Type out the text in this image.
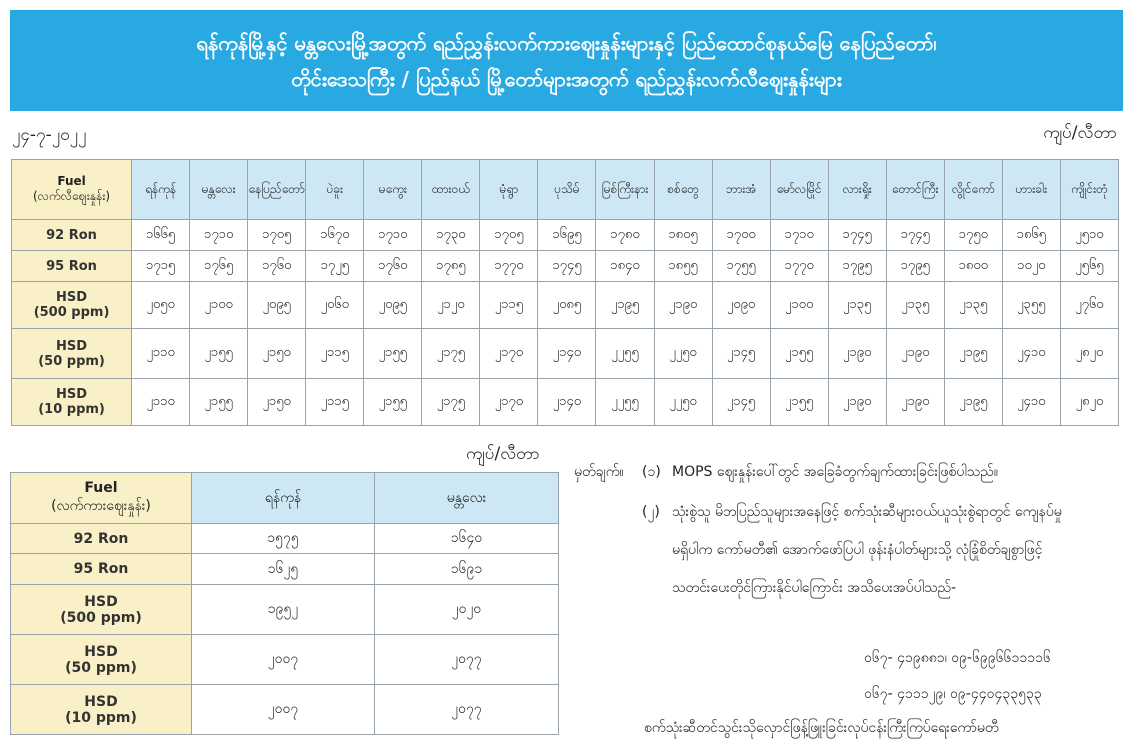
ရန်ကုန်မြို့နှင့် မန္တလေးမြို့အတွက် ရည်ညွှန်းလက်ကားဈေးနှုန်းများနှင့် ပြည်ထောင်စုနယ်မြေ နေပြည်တော်၊
တိုင်းဒေသကြီး / ပြည်နယ် မြို့တော်များအတွက် ရည်ညွှန်းလက်လီဈေးနှုန်းများ
၂၄-၇-၂၀၂၂	ကျပ်/လီတာ
Fuel
(လက်လီဈေးနှုန်း)	ရန်ကုန်	မန္တလေး	နေပြည်တော်	ပဲခူး	မကွေး	ထားဝယ်	မုံရွာ	ပုသိမ်	မြစ်ကြီးနား	စစ်တွေ	ဘားအံ	မော်လမြိုင်	လားရှိုး	တောင်ကြီး	လွိုင်ကော်	ဟားခါး	ကျိုင်းတုံ

92 Ron	၁၆၆၅	၁၇၁၀	၁၇၀၅	၁၆၇၀	၁၇၁၀	၁၇၃၀	၁၇၀၅	၁၆၉၅	၁၇၈၀	၁၈၀၅	၁၇၀၀	၁၇၁၀	၁၇၄၅	၁၇၄၅	၁၇၅၀	၁၈၆၅	၂၅၁၀

95 Ron	၁၇၁၅	၁၇၆၅	၁၇၆၀	၁၇၂၅	၁၇၆၀	၁၇၈၅	၁၇၇၀	၁၇၄၅	၁၈၄၀	၁၈၅၅	၁၇၅၅	၁၇၇၀	၁၇၉၅	၁၇၉၅	၁၈၀၀	၁၀၂၀	၂၅၆၅

HSD
(500 ppm)	၂၀၅၀	၂၁၀၀	၂၀၉၅	၂၀၆၀	၂၀၉၅	၂၁၂၀	၂၁၁၅	၂၀၈၅	၂၁၉၅	၂၁၉၀	၂၀၉၀	၂၁၀၀	၂၁၃၅	၂၁၃၅	၂၁၃၅	၂၃၅၅	၂၇၆၀

HSD
(50 ppm)	၂၁၁၀	၂၁၅၅	၂၁၅၀	၂၁၁၅	၂၁၅၅	၂၁၇၅	၂၁၇၀	၂၁၄၀	၂၂၅၅	၂၂၅၀	၂၁၄၅	၂၁၅၅	၂၁၉၀	၂၁၉၀	၂၁၉၅	၂၄၁၀	၂၈၂၀

HSD
(10 ppm)	၂၁၁၀	၂၁၅၅	၂၁၅၀	၂၁၁၅	၂၁၅၅	၂၁၇၅	၂၁၇၀	၂၁၄၀	၂၂၅၅	၂၂၅၀	၂၁၄၅	၂၁၅၅	၂၁၉၀	၂၁၉၀	၂၁၉၅	၂၄၁၀	၂၈၂၀
ကျပ်/လီတာ
Fuel
(လက်ကားဈေးနှုန်း)	ရန်ကုန်	မန္တလေး

92 Ron	၁၅၇၅	၁၆၄၀

95 Ron	၁၆၂၅	၁၆၉၁

HSD
(500 ppm)	၁၉၅၂	၂၀၂၀

HSD
(50 ppm)	၂၀၀၇	၂၀၇၇

HSD
(10 ppm)	၂၀၀၇	၂၀၇၇
မှတ်ချက်။ (၁) MOPS ဈေးနှုန်းပေါ်တွင် အခြေခံတွက်ချက်ထားခြင်းဖြစ်ပါသည်။
(၂) သုံးစွဲသူ မိဘပြည်သူများအနေဖြင့် စက်သုံးဆီများဝယ်ယူသုံးစွဲရာတွင် ကျေနပ်မှု
မရှိပါက ကော်မတီ၏ အောက်ဖော်ပြပါ ဖုန်းနံပါတ်များသို့ လုံခြုံစိတ်ချစွာဖြင့်
သတင်းပေးတိုင်ကြားနိုင်ပါကြောင်း အသိပေးအပ်ပါသည်-
၀၆၇- ၄၁၉၈၈၁၊ ၀၉-၆၉၉၆၆၁၁၁၁၆
၀၆၇- ၄၁၁၁၂၉၊ ၀၉-၄၄၀၄၃၃၅၃၃
စက်သုံးဆီတင်သွင်းသိုလှောင်ဖြန့်ဖြူးခြင်းလုပ်ငန်းကြီးကြပ်ရေးကော်မတီ
